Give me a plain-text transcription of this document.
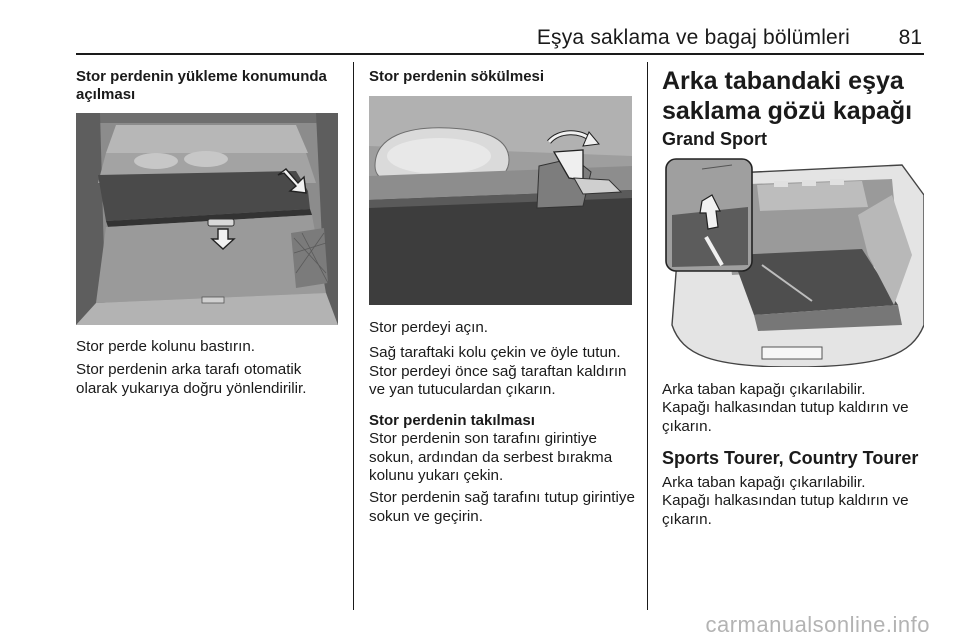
Eşya saklama ve bagaj bölümleri	81
Stor perdenin yükleme konumunda açılması
Stor perde kolunu bastırın.
Stor perdenin arka tarafı otomatik olarak yukarıya doğru yönlendirilir.
Stor perdenin sökülmesi
Stor perdeyi açın.
Sağ taraftaki kolu çekin ve öyle tutun. Stor perdeyi önce sağ taraftan kaldırın ve yan tutuculardan çıkarın.
Stor perdenin takılması
Stor perdenin son tarafını girintiye sokun, ardından da serbest bırakma kolunu yukarı çekin.
Stor perdenin sağ tarafını tutup girintiye sokun ve geçirin.
Arka tabandaki eşya saklama gözü kapağı
Grand Sport
Arka taban kapağı çıkarılabilir.
Kapağı halkasından tutup kaldırın ve çıkarın.
Sports Tourer, Country Tourer
Arka taban kapağı çıkarılabilir.
Kapağı halkasından tutup kaldırın ve çıkarın.
carmanualsonline.info
